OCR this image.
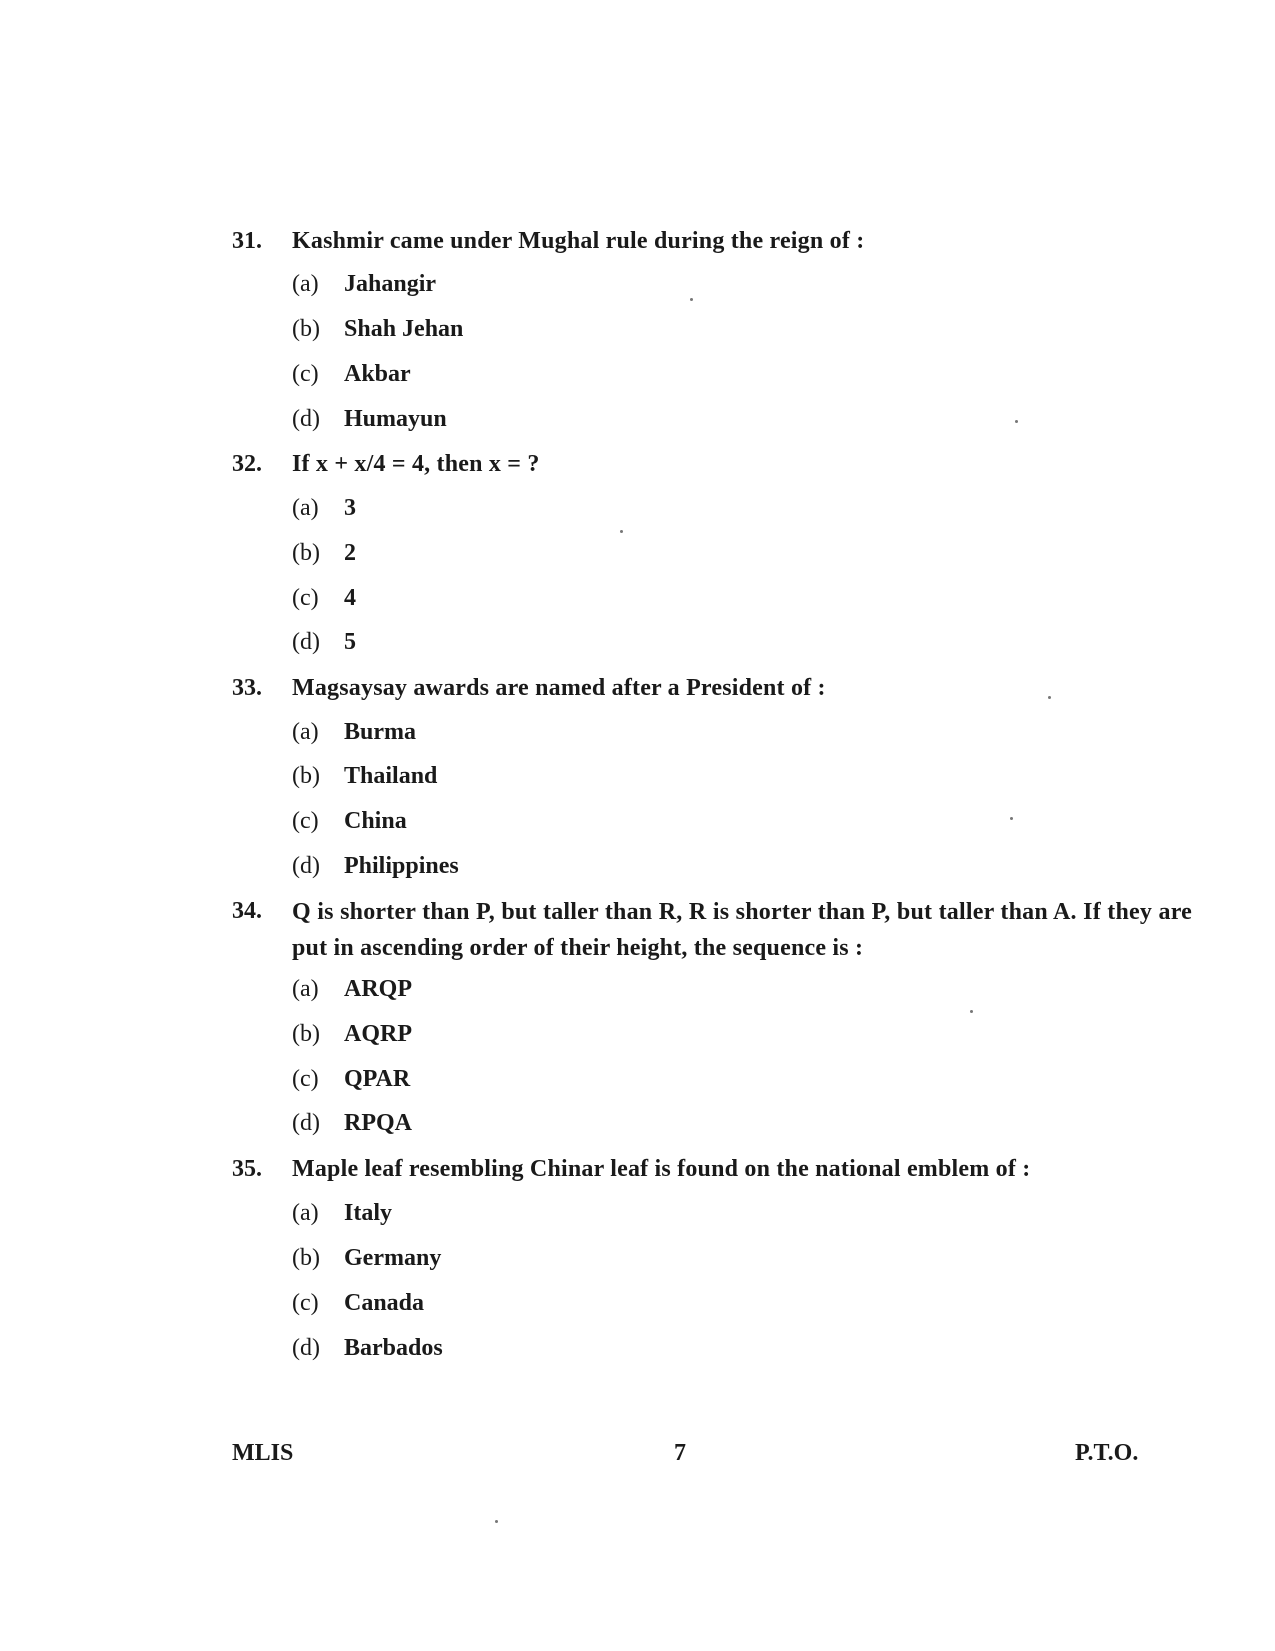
31. Kashmir came under Mughal rule during the reign of :
(a) Jahangir
(b) Shah Jehan
(c) Akbar
(d) Humayun
32. If x + x/4 = 4, then x = ?
(a) 3
(b) 2
(c) 4
(d) 5
33. Magsaysay awards are named after a President of :
(a) Burma
(b) Thailand
(c) China
(d) Philippines
34. Q is shorter than P, but taller than R, R is shorter than P, but taller than A. If they are put in ascending order of their height, the sequence is :
(a) ARQP
(b) AQRP
(c) QPAR
(d) RPQA
35. Maple leaf resembling Chinar leaf is found on the national emblem of :
(a) Italy
(b) Germany
(c) Canada
(d) Barbados
MLIS	7	P.T.O.
